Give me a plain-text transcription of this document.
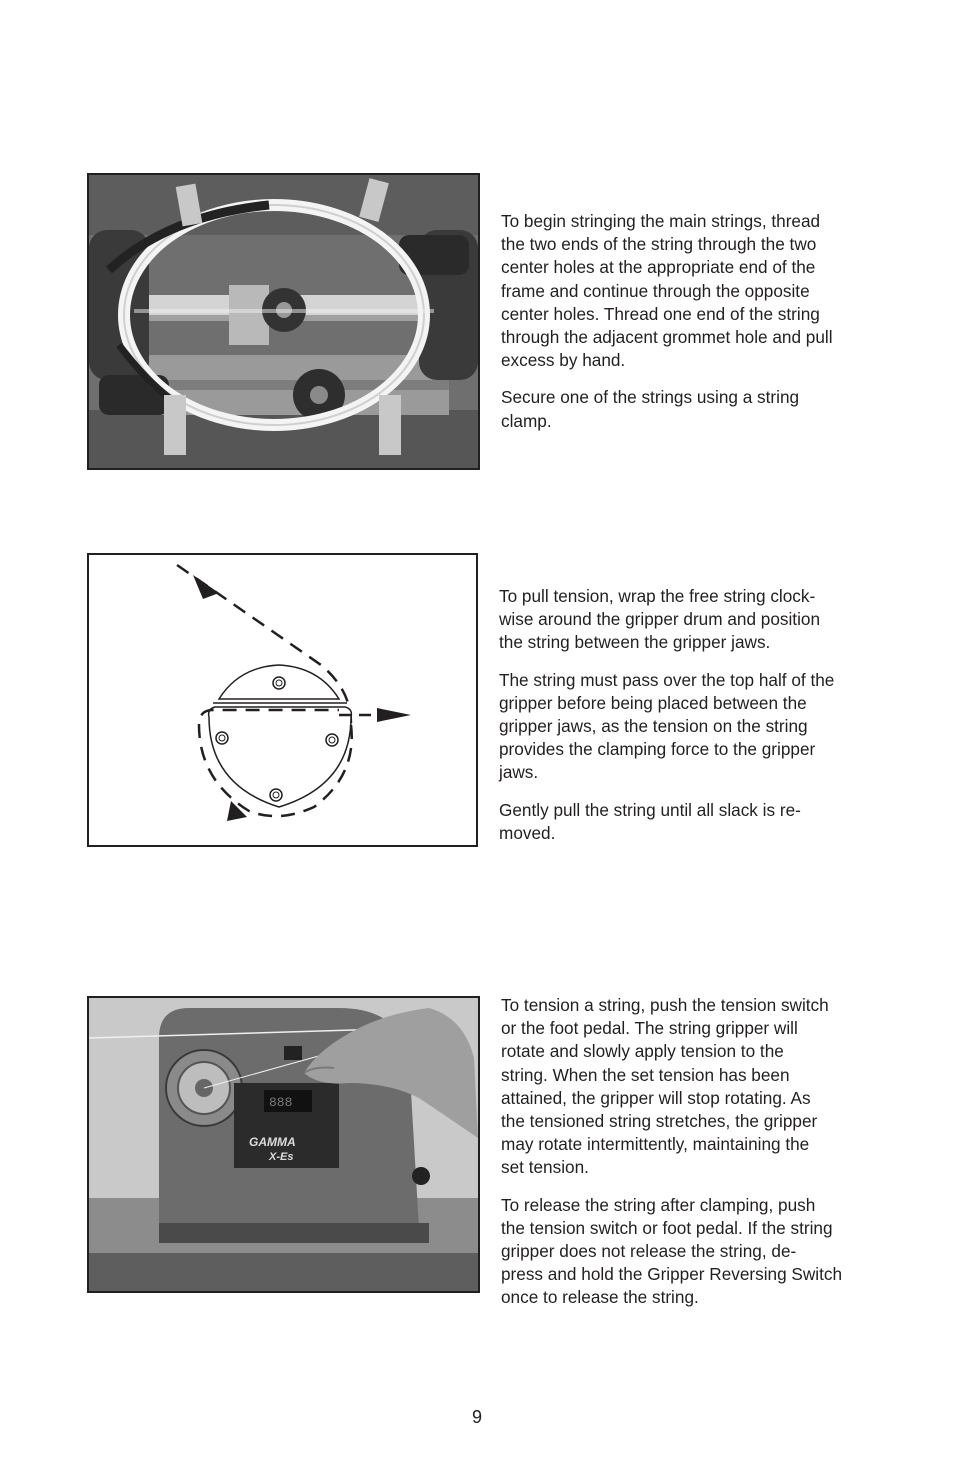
To begin stringing the main strings, thread
the two ends of the string through the two
center holes at the appropriate end of the
frame and continue through the opposite
center holes. Thread one end of the string
through the adjacent grommet hole and pull
excess by hand.

Secure one of the strings using a string
clamp.

To pull tension, wrap the free string clock-
wise around the gripper drum and position
the string between the gripper jaws.

The string must pass over the top half of the
gripper before being placed between the
gripper jaws, as the tension on the string
provides the clamping force to the gripper
jaws.

Gently pull the string until all slack is re-
moved.

888
GAMMA
X-Es

To tension a string, push the tension switch
or the foot pedal. The string gripper will
rotate and slowly apply tension to the
string. When the set tension has been
attained, the gripper will stop rotating. As
the tensioned string stretches, the gripper
may rotate intermittently, maintaining the
set tension.

To release the string after clamping, push
the tension switch or foot pedal. If the string
gripper does not release the string, de-
press and hold the Gripper Reversing Switch
once to release the string.

9
